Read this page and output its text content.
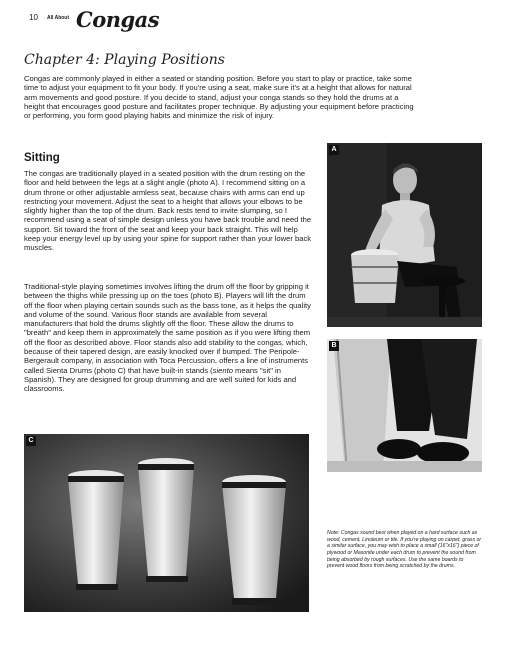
10 All About Congas
Chapter 4: Playing Positions

Congas are commonly played in either a seated or standing position. Before you start to play or practice, take some time to adjust your equipment to fit your body. If you're using a seat, make sure it's at a height that allows for natural arm movements and good posture. If you decide to stand, adjust your conga stands so they hold the drums at a height that encourages good posture and facilitates proper technique. By adjusting your equipment before practicing or performing, you form good playing habits and minimize the risk of injury.

Sitting

The congas are traditionally played in a seated position with the drum resting on the floor and held between the legs at a slight angle (photo A). I recommend sitting on a drum throne or other adjustable armless seat, because chairs with arms can end up restricting your movement. Adjust the seat to a height that allows your elbows to be slightly higher than the top of the drum. Back rests tend to invite slumping, so I recommend using a seat of simple design unless you have back trouble and need the support. Sit toward the front of the seat and keep your back straight. This will help keep your energy level up by using your spine for support rather than your lower back muscles.

Traditional-style playing sometimes involves lifting the drum off the floor by gripping it between the thighs while pressing up on the toes (photo B). Players will lift the drum off the floor when playing certain sounds such as the bass tone, as it helps the quality and volume of the sound. Various floor stands are available from several manufacturers that hold the drums slightly off the floor. These allow the drums to "breath" and keep them in approximately the same position as if you were lifting them off the floor as described above. Floor stands also add stability to the congas, which, because of their tapered design, are easily knocked over if bumped. The Peripole-Bergerault company, in association with Toca Percussion, offers a line of instruments called Sienta Drums (photo C) that have built-in stands (siento means "sit" in Spanish). They are designed for group drumming and are well suited for kids and classrooms.

A
B
C

Note: Congas sound best when played on a hard surface such as wood, cement, Linoleum or tile. If you're playing on carpet, grass or a similar surface, you may wish to place a small (16"x16") piece of plywood or Masonite under each drum to prevent the sound from being absorbed by rough surfaces. Use the same boards to prevent wood floors from being scratched by the drums.
